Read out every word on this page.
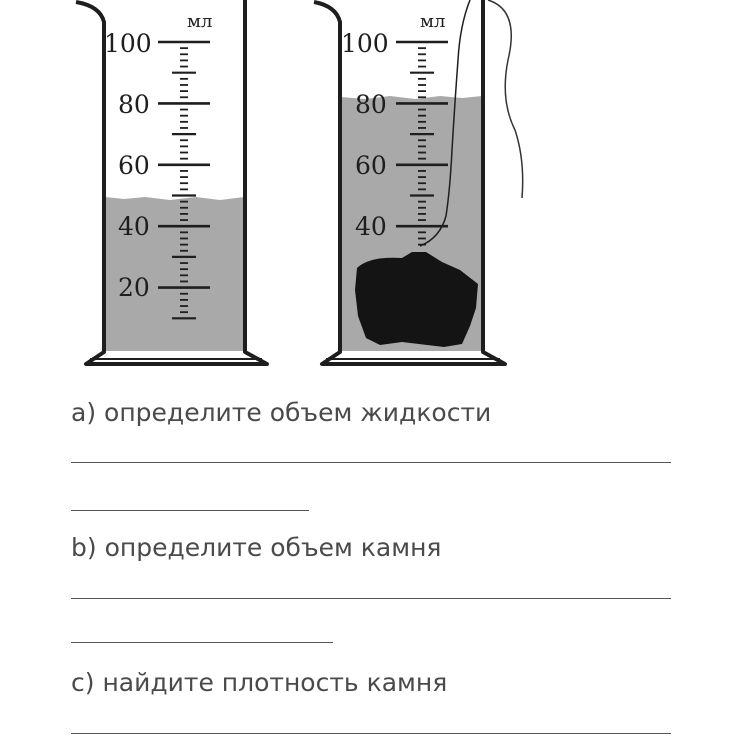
100
80
60
40
20
мл
100
80
60
40
мл
a) определите объем жидкости
b) определите объем камня
c) найдите плотность камня
